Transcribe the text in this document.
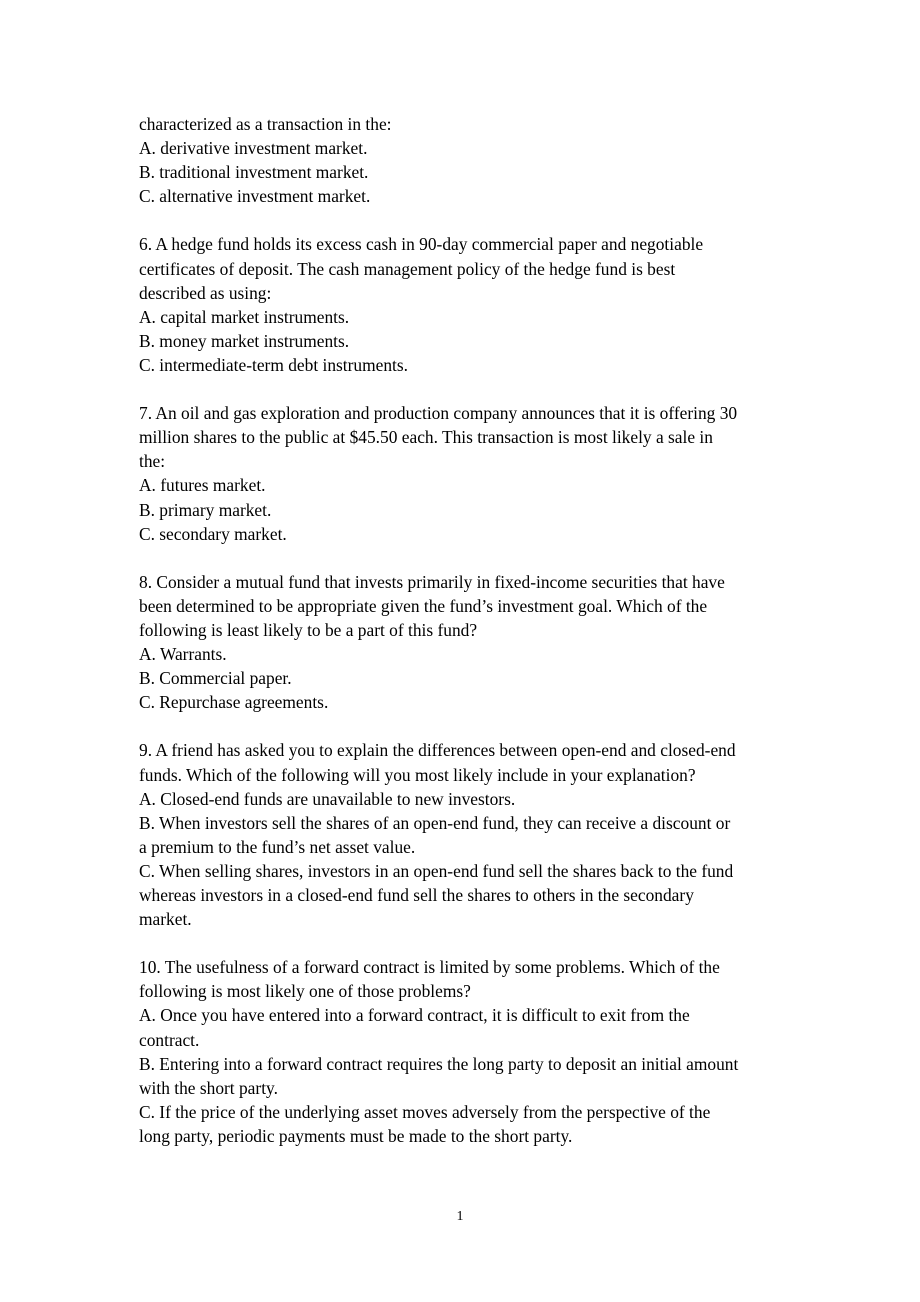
characterized as a transaction in the:
A. derivative investment market.
B. traditional investment market.
C. alternative investment market.
6. A hedge fund holds its excess cash in 90-day commercial paper and negotiable
certificates of deposit. The cash management policy of the hedge fund is best
described as using:
A. capital market instruments.
B. money market instruments.
C. intermediate-term debt instruments.
7. An oil and gas exploration and production company announces that it is offering 30
million shares to the public at $45.50 each. This transaction is most likely a sale in
the:
A. futures market.
B. primary market.
C. secondary market.
8. Consider a mutual fund that invests primarily in fixed-income securities that have
been determined to be appropriate given the fund’s investment goal. Which of the
following is least likely to be a part of this fund?
A. Warrants.
B. Commercial paper.
C. Repurchase agreements.
9. A friend has asked you to explain the differences between open-end and closed-end
funds. Which of the following will you most likely include in your explanation?
A. Closed-end funds are unavailable to new investors.
B. When investors sell the shares of an open-end fund, they can receive a discount or
a premium to the fund’s net asset value.
C. When selling shares, investors in an open-end fund sell the shares back to the fund
whereas investors in a closed-end fund sell the shares to others in the secondary
market.
10. The usefulness of a forward contract is limited by some problems. Which of the
following is most likely one of those problems?
A. Once you have entered into a forward contract, it is difficult to exit from the
contract.
B. Entering into a forward contract requires the long party to deposit an initial amount
with the short party.
C. If the price of the underlying asset moves adversely from the perspective of the
long party, periodic payments must be made to the short party.
1
